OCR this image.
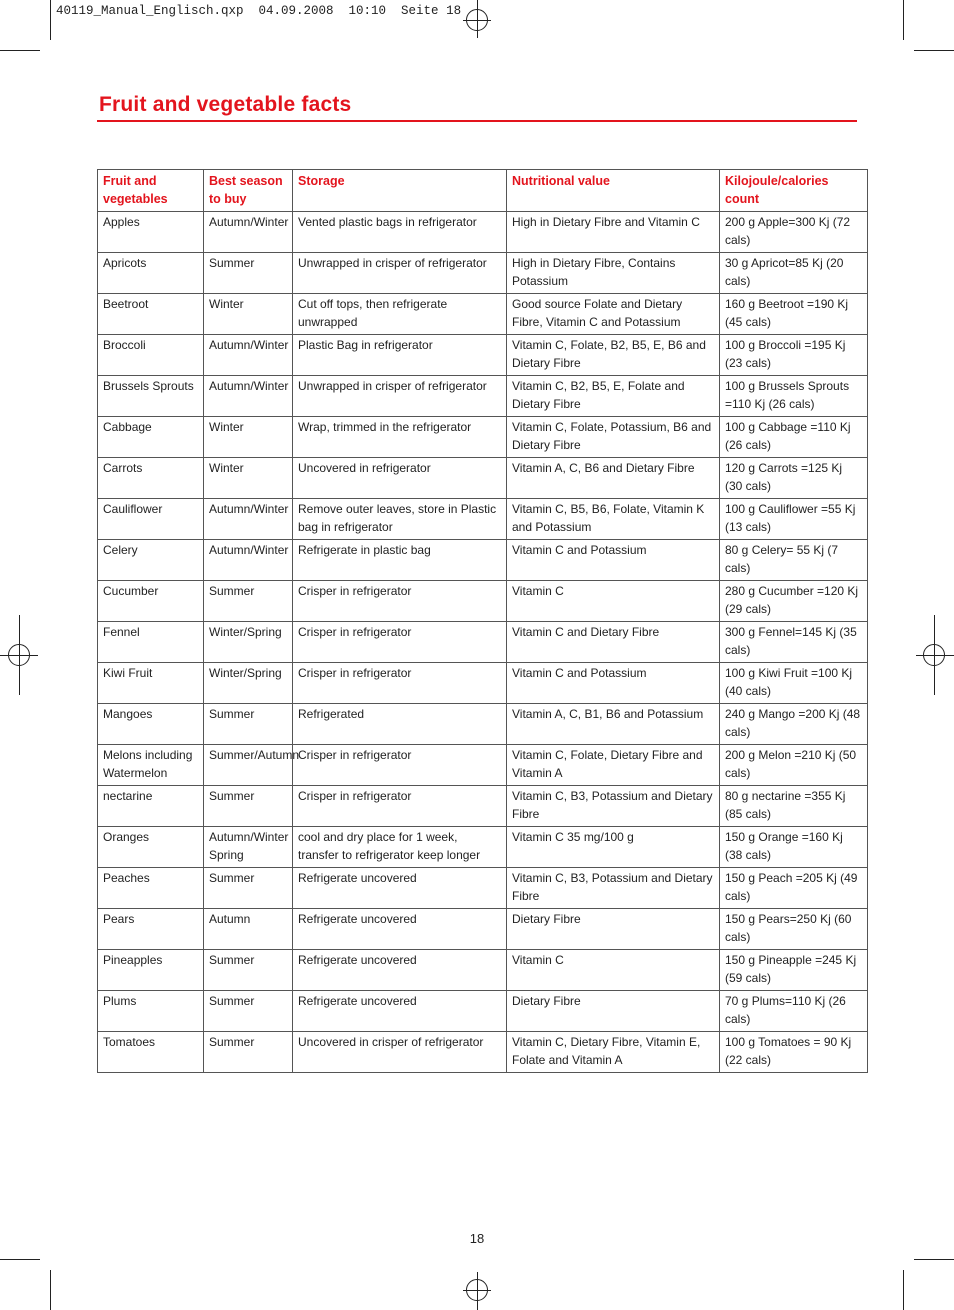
40119_Manual_Englisch.qxp  04.09.2008  10:10  Seite 18
Fruit and vegetable facts
Fruit and vegetables	Best season to buy	Storage	Nutritional value	Kilojoule/calories count
Apples	Autumn/Winter	Vented plastic bags in refrigerator	High in Dietary Fibre and Vitamin C	200 g Apple=300 Kj (72 cals)
Apricots	Summer	Unwrapped in crisper of refrigerator	High in Dietary Fibre, Contains Potassium	30 g Apricot=85 Kj (20 cals)
Beetroot	Winter	Cut off tops, then refrigerate unwrapped	Good source Folate and Dietary Fibre, Vitamin C and Potassium	160 g Beetroot =190 Kj (45 cals)
Broccoli	Autumn/Winter	Plastic Bag in refrigerator	Vitamin C, Folate, B2, B5, E, B6 and Dietary Fibre	100 g Broccoli =195 Kj (23 cals)
Brussels Sprouts	Autumn/Winter	Unwrapped in crisper of refrigerator	Vitamin C, B2, B5, E, Folate and Dietary Fibre	100 g Brussels Sprouts =110 Kj (26 cals)
Cabbage	Winter	Wrap, trimmed in the refrigerator	Vitamin C, Folate, Potassium, B6 and Dietary Fibre	100 g Cabbage =110 Kj (26 cals)
Carrots	Winter	Uncovered in refrigerator	Vitamin A, C, B6 and Dietary Fibre	120 g Carrots =125 Kj (30 cals)
Cauliflower	Autumn/Winter	Remove outer leaves, store in Plastic bag in refrigerator	Vitamin C, B5, B6, Folate, Vitamin K and Potassium	100 g Cauliflower =55 Kj (13 cals)
Celery	Autumn/Winter	Refrigerate in plastic bag	Vitamin C and Potassium	80 g Celery= 55 Kj (7 cals)
Cucumber	Summer	Crisper in refrigerator	Vitamin C	280 g Cucumber =120 Kj (29 cals)
Fennel	Winter/Spring	Crisper in refrigerator	Vitamin C and Dietary Fibre	300 g Fennel=145 Kj (35 cals)
Kiwi Fruit	Winter/Spring	Crisper in refrigerator	Vitamin C and Potassium	100 g Kiwi Fruit =100 Kj (40 cals)
Mangoes	Summer	Refrigerated	Vitamin A, C, B1, B6 and Potassium	240 g Mango =200 Kj (48 cals)
Melons including Watermelon	Summer/Autumn	Crisper in refrigerator	Vitamin C, Folate, Dietary Fibre and Vitamin A	200 g Melon =210 Kj (50 cals)
nectarine	Summer	Crisper in refrigerator	Vitamin C, B3, Potassium and Dietary Fibre	80 g nectarine =355 Kj (85 cals)
Oranges	Autumn/Winter Spring	cool and dry place for 1 week, transfer to refrigerator keep longer	Vitamin C 35 mg/100 g	150 g Orange =160 Kj (38 cals)
Peaches	Summer	Refrigerate uncovered	Vitamin C, B3, Potassium and Dietary Fibre	150 g Peach =205 Kj (49 cals)
Pears	Autumn	Refrigerate uncovered	Dietary Fibre	150 g Pears=250 Kj (60 cals)
Pineapples	Summer	Refrigerate uncovered	Vitamin C	150 g Pineapple =245 Kj (59 cals)
Plums	Summer	Refrigerate uncovered	Dietary Fibre	70 g Plums=110 Kj (26 cals)
Tomatoes	Summer	Uncovered in crisper of refrigerator	Vitamin C, Dietary Fibre, Vitamin E, Folate and Vitamin A	100 g Tomatoes = 90 Kj (22 cals)
18
